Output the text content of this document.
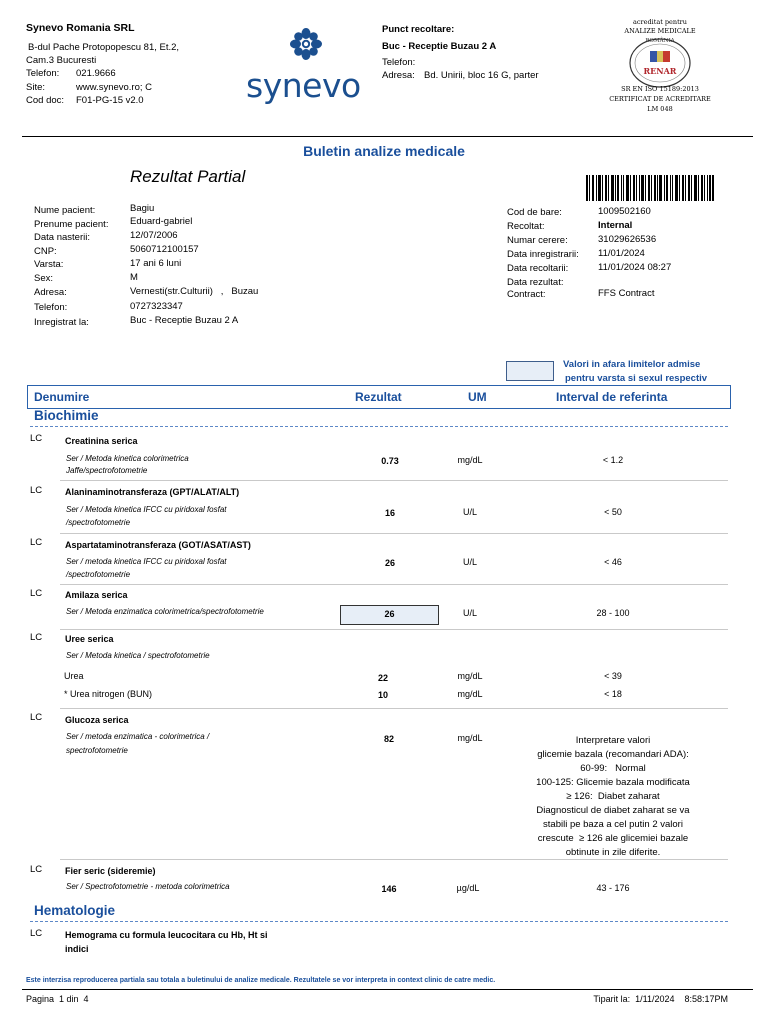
Synevo Romania SRL
B-dul Pache Protopopescu 81, Et.2,
Cam.3 Bucuresti
Telefon: 021.9666
Site:	www.synevo.ro; C
Cod doc: F01-PG-15 v2.0	synevo
Punct recoltare:
Buc - Receptie Buzau 2 A
Telefon:
Adresa: Bd. Unirii, bloc 16 G, parter
acreditat pentru
ANALIZE MEDICALE
ROMÂNIA
RENAR
SR EN ISO 15189:2013
CERTIFICAT DE ACREDITARE
LM 048
Buletin analize medicale
Rezultat Partial
Nume pacient:	Bagiu
Prenume pacient: Eduard-gabriel
Data nasterii:	12/07/2006
CNP:	5060712100157
Varsta:	17 ani 6 luni
Sex:	M
Adresa:	Vernesti(str.Culturii)   ,   Buzau
Telefon:	0727323347
Inregistrat la:	Buc - Receptie Buzau 2 A
Cod de bare:	1009502160
Recoltat:	Internal
Numar cerere:	31029626536
Data inregistrarii: 11/01/2024
Data recoltarii:	11/01/2024 08:27
Data rezultat:
Contract:	FFS Contract
Valori in afara limitelor admise
pentru varsta si sexul respectiv
Denumire	Rezultat	UM	Interval de referinta
Biochimie
LC	Creatinina serica
Ser / Metoda kinetica colorimetrica
Jaffe/spectrofotometrie
0.73	mg/dL	< 1.2
LC	Alaninaminotransferaza (GPT/ALAT/ALT)
Ser / Metoda kinetica IFCC cu piridoxal fosfat
/spectrofotometrie
16	U/L	< 50
LC	Aspartataminotransferaza (GOT/ASAT/AST)
Ser / metoda kinetica IFCC cu piridoxal fosfat
/spectrofotometrie
26	U/L	< 46
LC	Amilaza serica
Ser / Metoda enzimatica colorimetrica/spectrofotometrie	26	U/L	28 - 100
LC	Uree serica
Ser / Metoda kinetica / spectrofotometrie
Urea	22	mg/dL	< 39
* Urea nitrogen (BUN)	10	mg/dL	< 18
LC	Glucoza serica
Ser / metoda enzimatica - colorimetrica /
spectrofotometrie
82	mg/dL	Interpretare valori
glicemie bazala (recomandari ADA):
60-99:   Normal
100-125: Glicemie bazala modificata
≥ 126:  Diabet zaharat
Diagnosticul de diabet zaharat se va
stabili pe baza a cel putin 2 valori
crescute  ≥ 126 ale glicemiei bazale
obtinute in zile diferite.
LC	Fier seric (sideremie)
Ser / Spectrofotometrie - metoda colorimetrica	146	µg/dL	43 - 176
Hematologie
LC	Hemograma cu formula leucocitara cu Hb, Ht si
indici
Este interzisa reproducerea partiala sau totala a buletinului de analize medicale. Rezultatele se vor interpreta in context clinic de catre medic.
Pagina  1 din  4	Tiparit la:  1/11/2024    8:58:17PM
